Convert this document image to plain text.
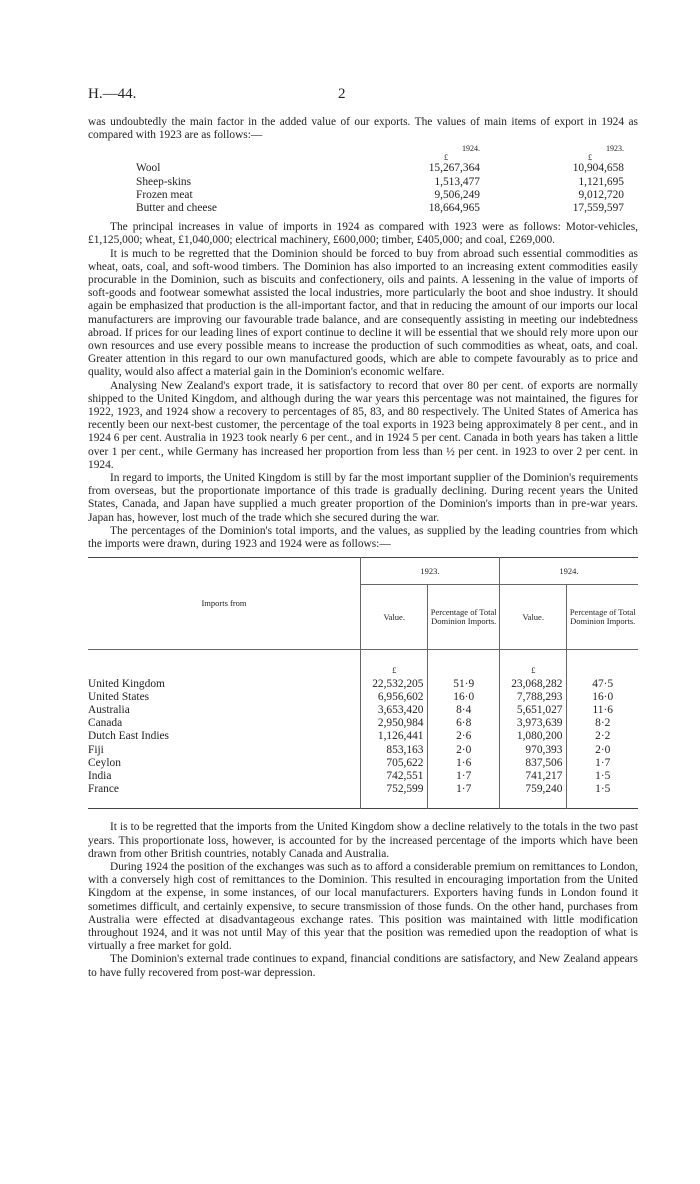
H.—44.	2

was undoubtedly the main factor in the added value of our exports. The values of main items of export in 1924 as compared with 1923 are as follows:—

	1924.	1923.
	£	£
Wool	15,267,364	10,904,658
Sheep-skins	1,513,477	1,121,695
Frozen meat	9,506,249	9,012,720
Butter and cheese	18,664,965	17,559,597

The principal increases in value of imports in 1924 as compared with 1923 were as follows: Motor-vehicles, £1,125,000; wheat, £1,040,000; electrical machinery, £600,000; timber, £405,000; and coal, £269,000.

It is much to be regretted that the Dominion should be forced to buy from abroad such essential commodities as wheat, oats, coal, and soft-wood timbers. The Dominion has also imported to an increasing extent commodities easily procurable in the Dominion, such as biscuits and confectionery, oils and paints. A lessening in the value of imports of soft-goods and footwear somewhat assisted the local industries, more particularly the boot and shoe industry. It should again be emphasized that production is the all-important factor, and that in reducing the amount of our imports our local manufacturers are improving our favourable trade balance, and are consequently assisting in meeting our indebtedness abroad. If prices for our leading lines of export continue to decline it will be essential that we should rely more upon our own resources and use every possible means to increase the production of such commodities as wheat, oats, and coal. Greater attention in this regard to our own manufactured goods, which are able to compete favourably as to price and quality, would also affect a material gain in the Dominion's economic welfare.

Analysing New Zealand's export trade, it is satisfactory to record that over 80 per cent. of exports are normally shipped to the United Kingdom, and although during the war years this percentage was not maintained, the figures for 1922, 1923, and 1924 show a recovery to percentages of 85, 83, and 80 respectively. The United States of America has recently been our next-best customer, the percentage of the toal exports in 1923 being approximately 8 per cent., and in 1924 6 per cent. Australia in 1923 took nearly 6 per cent., and in 1924 5 per cent. Canada in both years has taken a little over 1 per cent., while Germany has increased her proportion from less than ½ per cent. in 1923 to over 2 per cent. in 1924.

In regard to imports, the United Kingdom is still by far the most important supplier of the Dominion's requirements from overseas, but the proportionate importance of this trade is gradually declining. During recent years the United States, Canada, and Japan have supplied a much greater proportion of the Dominion's imports than in pre-war years. Japan has, however, lost much of the trade which she secured during the war.

The percentages of the Dominion's total imports, and the values, as supplied by the leading countries from which the imports were drawn, during 1923 and 1924 were as follows:—

Imports from	1923.		1924.	
	Value.	Percentage of Total Dominion Imports.	Value.	Percentage of Total Dominion Imports.
	£		£	
United Kingdom	22,532,205	51·9	23,068,282	47·5
United States	6,956,602	16·0	7,788,293	16·0
Australia	3,653,420	8·4	5,651,027	11·6
Canada	2,950,984	6·8	3,973,639	8·2
Dutch East Indies	1,126,441	2·6	1,080,200	2·2
Fiji	853,163	2·0	970,393	2·0
Ceylon	705,622	1·6	837,506	1·7
India	742,551	1·7	741,217	1·5
France	752,599	1·7	759,240	1·5

It is to be regretted that the imports from the United Kingdom show a decline relatively to the totals in the two past years. This proportionate loss, however, is accounted for by the increased percentage of the imports which have been drawn from other British countries, notably Canada and Australia.

During 1924 the position of the exchanges was such as to afford a considerable premium on remittances to London, with a conversely high cost of remittances to the Dominion. This resulted in encouraging importation from the United Kingdom at the expense, in some instances, of our local manufacturers. Exporters having funds in London found it sometimes difficult, and certainly expensive, to secure transmission of those funds. On the other hand, purchases from Australia were effected at disadvantageous exchange rates. This position was maintained with little modification throughout 1924, and it was not until May of this year that the position was remedied upon the readoption of what is virtually a free market for gold.

The Dominion's external trade continues to expand, financial conditions are satisfactory, and New Zealand appears to have fully recovered from post-war depression.
